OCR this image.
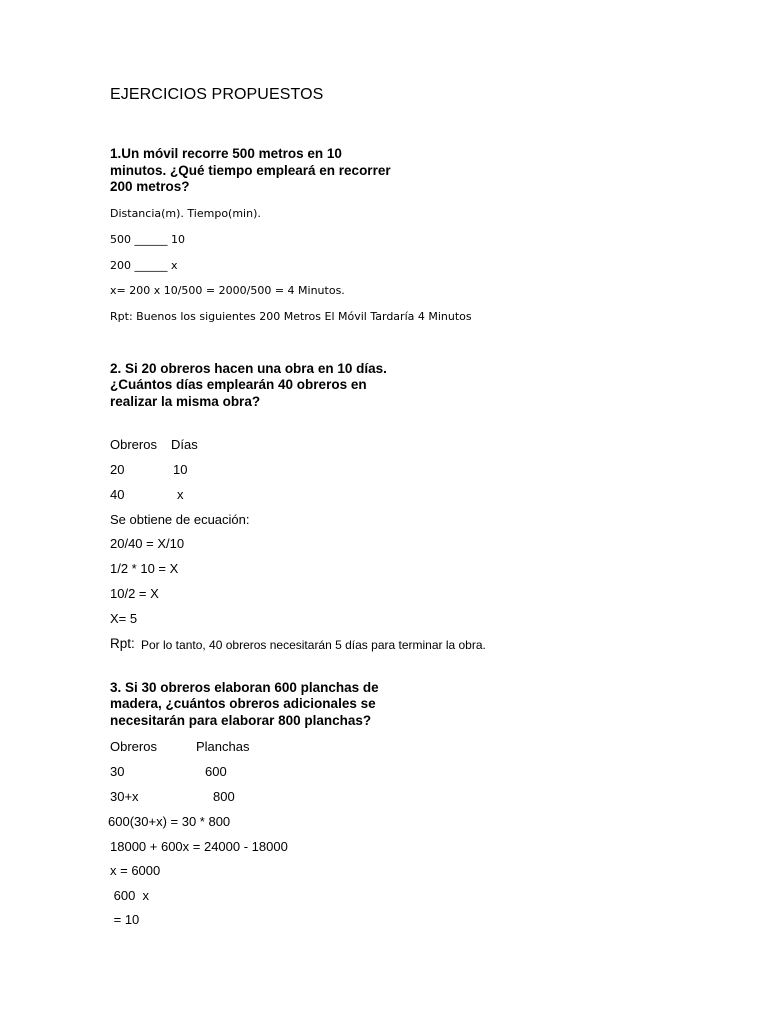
EJERCICIOS PROPUESTOS
1.Un móvil recorre 500 metros en 10
minutos. ¿Qué tiempo empleará en recorrer
200 metros?
Distancia(m). Tiempo(min).
500 ______ 10
200 ______ x
x= 200 x 10/500 = 2000/500 = 4 Minutos.
Rpt: Buenos los siguientes 200 Metros El Móvil Tardaría 4 Minutos
2. Si 20 obreros hacen una obra en 10 días.
¿Cuántos días emplearán 40 obreros en
realizar la misma obra?
Obreros Días
20	10
40	x
Se obtiene de ecuación:
20/40 = X/10
1/2 * 10 = X
10/2 = X
X= 5
Rpt: Por lo tanto, 40 obreros necesitarán 5 días para terminar la obra.
3. Si 30 obreros elaboran 600 planchas de
madera, ¿cuántos obreros adicionales se
necesitarán para elaborar 800 planchas?
Obreros	Planchas
30	600
30+x	800
600(30+x) = 30 * 800
18000 + 600x = 24000 - 18000
x = 6000
600  x
= 10
